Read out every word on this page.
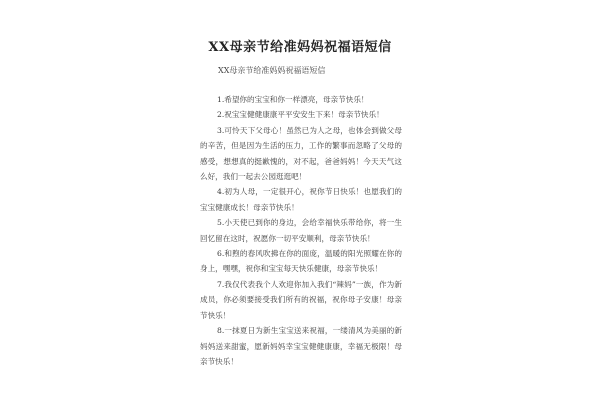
XX母亲节给准妈妈祝福语短信
XX母亲节给准妈妈祝福语短信

1.希望你的宝宝和你一样漂亮，母亲节快乐！

2.祝宝宝健健康康平平安安生下来！母亲节快乐！

3.可怜天下父母心！虽然已为人之母，也体会到做父母的辛苦，但是因为生活的压力，工作的繁事而忽略了父母的感受，想想真的挺歉愧的，对不起，爸爸妈妈！今天天气这么好，我们一起去公园逛逛吧！

4.初为人母，一定很开心，祝你节日快乐！也愿我们的宝宝健康成长！母亲节快乐！

5.小天使已到你的身边，会给幸福快乐带给你，将一生回忆留在这时，祝愿你一切平安顺利，母亲节快乐！

6.和煦的春风吹拂在你的面庞，温暖的阳光照耀在你的身上，嘿嘿，祝你和宝宝每天快乐健康，母亲节快乐！

7.我仅代表我个人欢迎你加入我们“辣妈”一族，作为新成员，你必须要接受我们所有的祝福，祝你母子安康！母亲节快乐！

8.一抹夏日为新生宝宝送来祝福，一缕清风为美丽的新妈妈送来甜蜜，愿新妈妈幸宝宝健健康康，幸福无极限！母亲节快乐！
